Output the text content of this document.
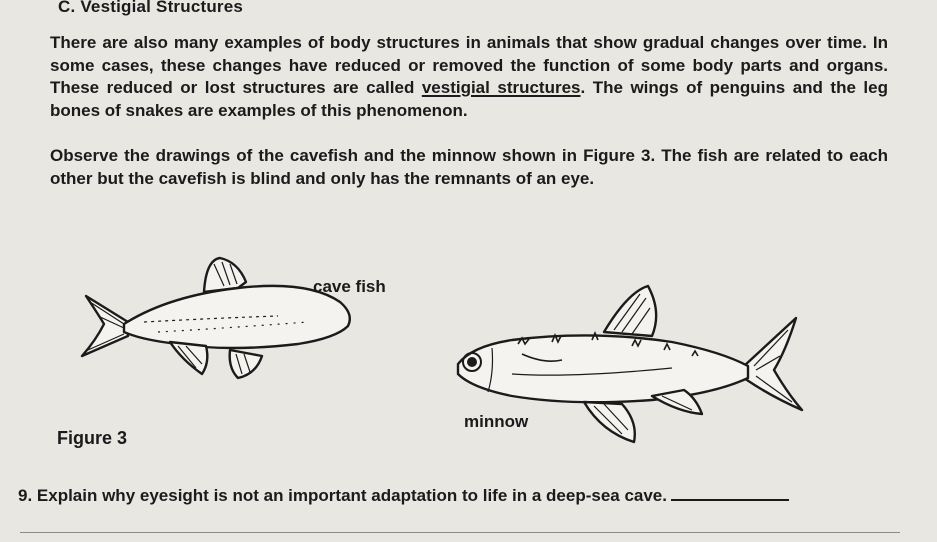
C. Vestigial Structures
There are also many examples of body structures in animals that show gradual changes over time. In some cases, these changes have reduced or removed the function of some body parts and organs. These reduced or lost structures are called vestigial structures. The wings of penguins and the leg bones of snakes are examples of this phenomenon.
Observe the drawings of the cavefish and the minnow shown in Figure 3. The fish are related to each other but the cavefish is blind and only has the remnants of an eye.
cave fish
minnow
Figure 3
9. Explain why eyesight is not an important adaptation to life in a deep-sea cave.
